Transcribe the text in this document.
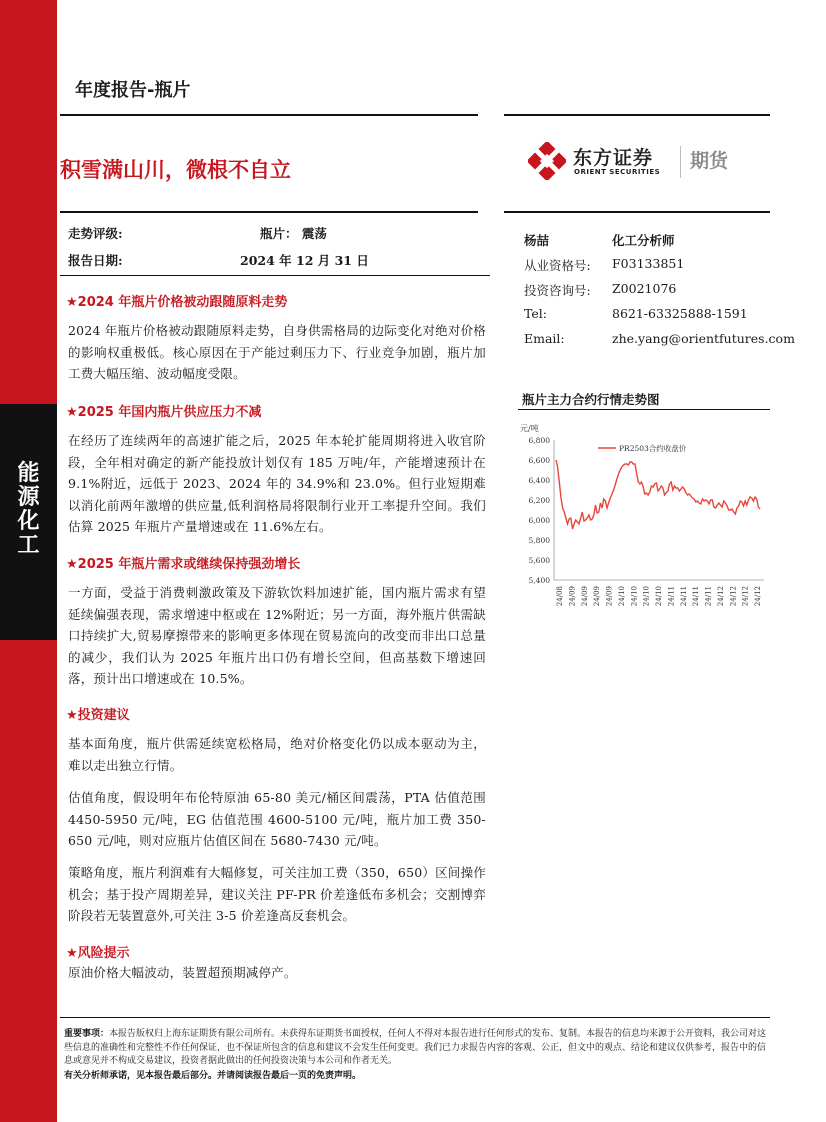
能
源
化
工
年度报告-瓶片
积雪满山川，微根不自立	东方证券
ORIENT SECURITIES 期货
走势评级:	瓶片： 震荡
报告日期:	2024 年 12 月 31 日
杨喆	化工分析师
从业资格号: F03133851
投资咨询号: Z0021076
Tel:	8621-63325888-1591
Email:	zhe.yang@orientfutures.com
★2024 年瓶片价格被动跟随原料走势
2024 年瓶片价格被动跟随原料走势，自身供需格局的边际变化对绝对价格的影响权重极低。核心原因在于产能过剩压力下、行业竞争加剧，瓶片加工费大幅压缩、波动幅度受限。
★2025 年国内瓶片供应压力不减
在经历了连续两年的高速扩能之后，2025 年本轮扩能周期将进入收官阶段，全年相对确定的新产能投放计划仅有 185 万吨/年，产能增速预计在 9.1%附近，远低于 2023、2024 年的 34.9%和 23.0%。但行业短期难以消化前两年激增的供应量,低利润格局将限制行业开工率提升空间。我们估算 2025 年瓶片产量增速或在 11.6%左右。
★2025 年瓶片需求或继续保持强劲增长
一方面，受益于消费刺激政策及下游软饮料加速扩能，国内瓶片需求有望延续偏强表现，需求增速中枢或在 12%附近；另一方面，海外瓶片供需缺口持续扩大,贸易摩擦带来的影响更多体现在贸易流向的改变而非出口总量的减少，我们认为 2025 年瓶片出口仍有增长空间，但高基数下增速回落，预计出口增速或在 10.5%。
★投资建议
基本面角度，瓶片供需延续宽松格局，绝对价格变化仍以成本驱动为主，难以走出独立行情。
估值角度，假设明年布伦特原油 65-80 美元/桶区间震荡，PTA 估值范围 4450-5950 元/吨，EG 估值范围 4600-5100 元/吨，瓶片加工费 350-650 元/吨，则对应瓶片估值区间在 5680-7430 元/吨。
策略角度，瓶片利润难有大幅修复，可关注加工费（350，650）区间操作机会；基于投产周期差异，建议关注 PF-PR 价差逢低布多机会；交割博弈阶段若无装置意外,可关注 3-5 价差逢高反套机会。
★风险提示
原油价格大幅波动，装置超预期减停产。
瓶片主力合约行情走势图
元/吨
5,400
5,600
5,800
6,000
6,200
6,400
6,600
6,800
24/08 24/09 24/09 24/09 24/09 24/10 24/10 24/10 24/10 24/11 24/11 24/11 24/11 24/12 24/12 24/12 24/12
PR2503合约收盘价
重要事项：本报告版权归上海东证期货有限公司所有。未获得东证期货书面授权，任何人不得对本报告进行任何形式的发布、复制。本报告的信息均来源于公开资料，我公司对这些信息的准确性和完整性不作任何保证，也不保证所包含的信息和建议不会发生任何变更。我们已力求报告内容的客观、公正，但文中的观点、结论和建议仅供参考，报告中的信息或意见并不构成交易建议，投资者据此做出的任何投资决策与本公司和作者无关。
有关分析师承诺，见本报告最后部分。并请阅读报告最后一页的免责声明。
